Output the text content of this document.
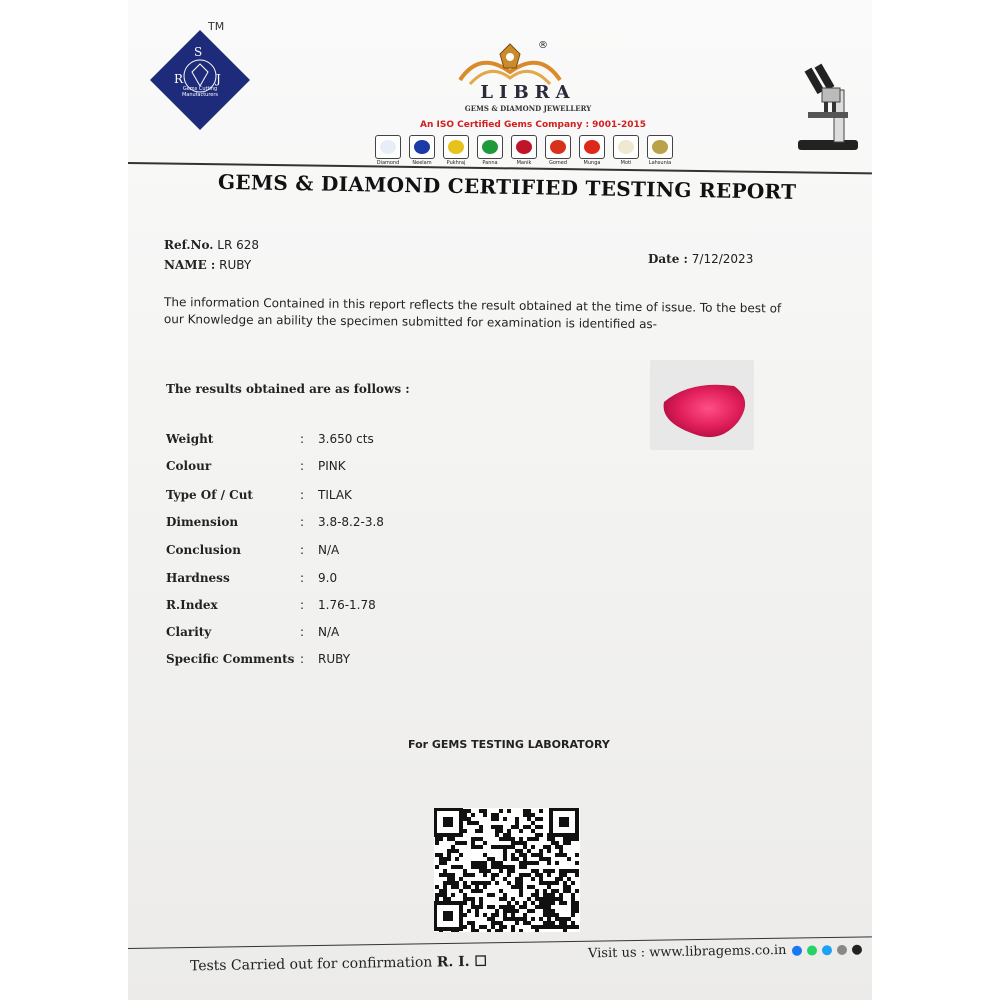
S
R	J
Gems Cutting Manufacturers
TM
®
LIBRA
GEMS & DIAMOND JEWELLERY
An ISO Certified Gems Company : 9001-2015
Diamond	Neelam	Pukhraj	Panna	Manik	Gomed	Munga	Moti	Lahsunia
GEMS & DIAMOND CERTIFIED TESTING REPORT
Ref.No. LR 628
NAME : RUBY	Date : 7/12/2023
The information Contained in this report reflects the result obtained at the time of issue. To the best of our Knowledge an ability the specimen submitted for examination is identified as-
The results obtained are as follows :
Weight	: 3.650 cts
Colour	: PINK
Type Of / Cut	: TILAK
Dimension	: 3.8-8.2-3.8
Conclusion	: N/A
Hardness	: 9.0
R.Index	: 1.76-1.78
Clarity	: N/A
Specific Comments : RUBY
For GEMS TESTING LABORATORY
Tests Carried out for confirmation R. I. ☐
Visit us : www.libragems.co.in
